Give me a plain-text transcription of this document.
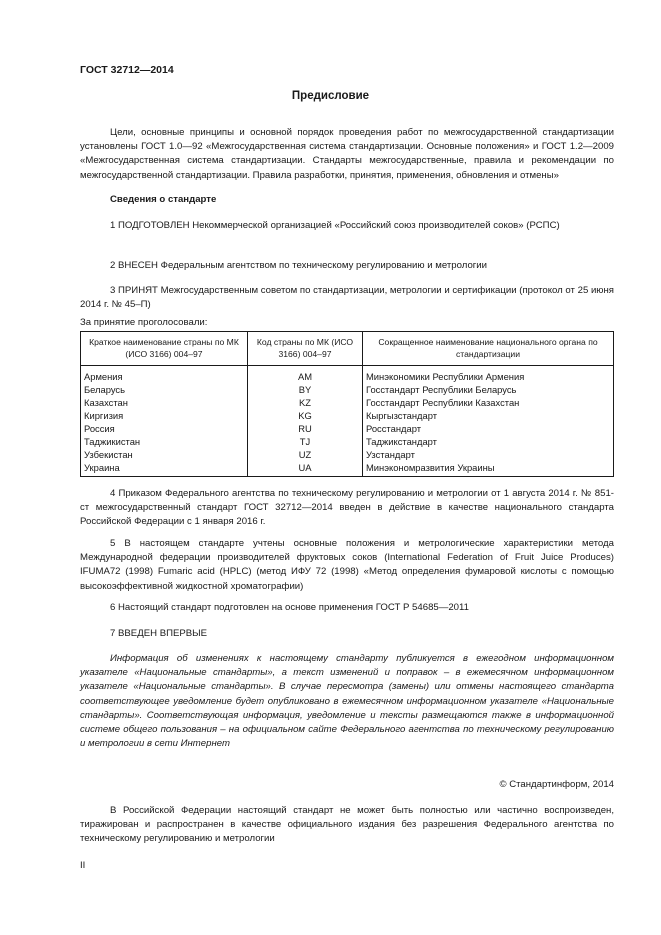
ГОСТ 32712—2014
Предисловие
Цели, основные принципы и основной порядок проведения работ по межгосударственной стандартизации установлены ГОСТ 1.0—92 «Межгосударственная система стандартизации. Основные положения» и ГОСТ 1.2—2009 «Межгосударственная система стандартизации. Стандарты межгосударственные, правила и рекомендации по межгосударственной стандартизации. Правила разработки, принятия, применения, обновления и отмены»
Сведения о стандарте
1 ПОДГОТОВЛЕН Некоммерческой организацией «Российский союз производителей соков» (РСПС)
2 ВНЕСЕН Федеральным агентством по техническому регулированию и метрологии
3 ПРИНЯТ Межгосударственным советом по стандартизации, метрологии и сертификации (протокол от 25 июня 2014 г. № 45–П)
За принятие проголосовали:
Краткое наименование страны по МК (ИСО 3166) 004–97	Код страны по МК (ИСО 3166) 004–97	Сокращенное наименование национального органа по стандартизации
Армения	AM	Минэкономики Республики Армения
Беларусь	BY	Госстандарт Республики Беларусь
Казахстан	KZ	Госстандарт Республики Казахстан
Киргизия	KG	Кыргызстандарт
Россия	RU	Росстандарт
Таджикистан	TJ	Таджикстандарт
Узбекистан	UZ	Узстандарт
Украина	UA	Минэкономразвития Украины
4 Приказом Федерального агентства по техническому регулированию и метрологии от 1 августа 2014 г. № 851-ст межгосударственный стандарт ГОСТ 32712—2014 введен в действие в качестве национального стандарта Российской Федерации с 1 января 2016 г.
5 В настоящем стандарте учтены основные положения и метрологические характеристики метода Международной федерации производителей фруктовых соков (International Federation of Fruit Juice Produces) IFUMA72 (1998) Fumaric acid (HPLC) (метод ИФУ 72 (1998) «Метод определения фумаровой кислоты с помощью высокоэффективной жидкостной хроматографии)
6 Настоящий стандарт подготовлен на основе применения ГОСТ Р 54685—2011
7 ВВЕДЕН ВПЕРВЫЕ
Информация об изменениях к настоящему стандарту публикуется в ежегодном информационном указателе «Национальные стандарты», а текст изменений и поправок – в ежемесячном информационном указателе «Национальные стандарты». В случае пересмотра (замены) или отмены настоящего стандарта соответствующее уведомление будет опубликовано в ежемесячном информационном указателе «Национальные стандарты». Соответствующая информация, уведомление и тексты размещаются также в информационной системе общего пользования – на официальном сайте Федерального агентства по техническому регулированию и метрологии в сети Интернет
© Стандартинформ, 2014
В Российской Федерации настоящий стандарт не может быть полностью или частично воспроизведен, тиражирован и распространен в качестве официального издания без разрешения Федерального агентства по техническому регулированию и метрологии
II
